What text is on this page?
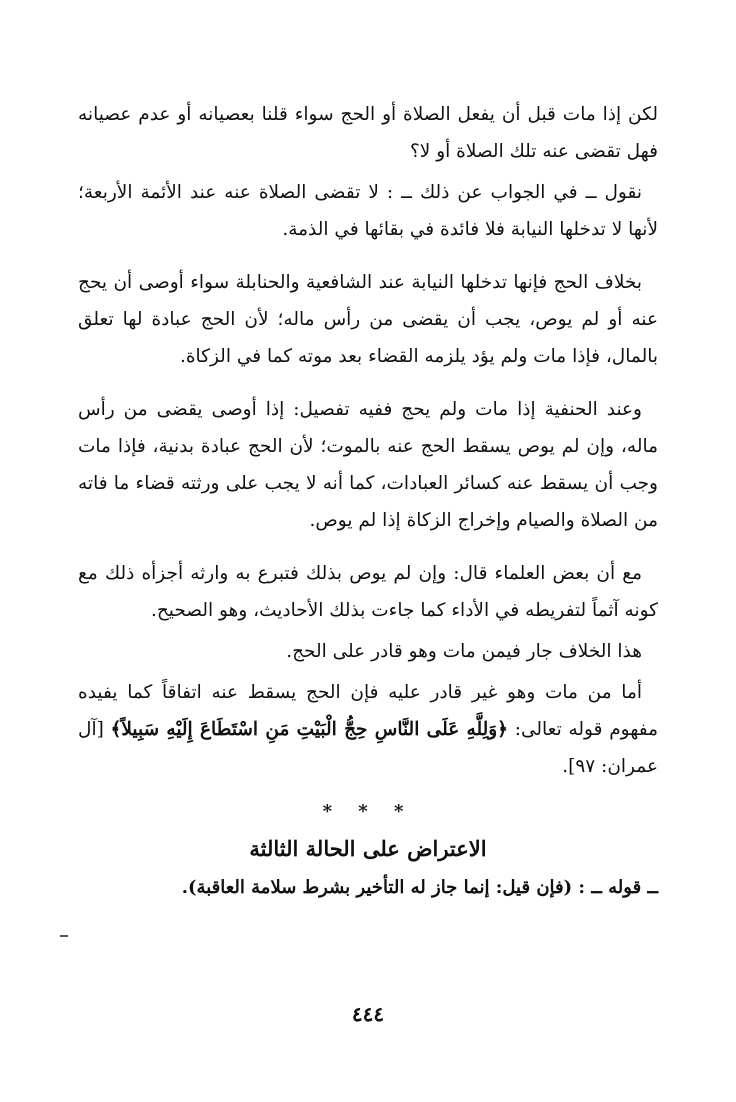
لكن إذا مات قبل أن يفعل الصلاة أو الحج سواء قلنا بعصيانه أو عدم عصيانه فهل تقضى عنه تلك الصلاة أو لا؟

نقول ــ في الجواب عن ذلك ــ : لا تقضى الصلاة عنه عند الأئمة الأربعة؛ لأنها لا تدخلها النيابة فلا فائدة في بقائها في الذمة.

بخلاف الحج فإنها تدخلها النيابة عند الشافعية والحنابلة سواء أوصى أن يحج عنه أو لم يوص، يجب أن يقضى من رأس ماله؛ لأن الحج عبادة لها تعلق بالمال، فإذا مات ولم يؤد يلزمه القضاء بعد موته كما في الزكاة.

وعند الحنفية إذا مات ولم يحج ففيه تفصيل: إذا أوصى يقضى من رأس ماله، وإن لم يوص يسقط الحج عنه بالموت؛ لأن الحج عبادة بدنية، فإذا مات وجب أن يسقط عنه كسائر العبادات، كما أنه لا يجب على ورثته قضاء ما فاته من الصلاة والصيام وإخراج الزكاة إذا لم يوص.

مع أن بعض العلماء قال: وإن لم يوص بذلك فتبرع به وارثه أجزأه ذلك مع كونه آثماً لتفريطه في الأداء كما جاءت بذلك الأحاديث، وهو الصحيح.

هذا الخلاف جار فيمن مات وهو قادر على الحج.

أما من مات وهو غير قادر عليه فإن الحج يسقط عنه اتفاقاً كما يفيده مفهوم قوله تعالى: ﴿وَلِلَّهِ عَلَى النَّاسِ حِجُّ الْبَيْتِ مَنِ اسْتَطَاعَ إِلَيْهِ سَبِيلاً﴾ [آل عمران: ٩٧].

* * *
الاعتراض على الحالة الثالثة

ــ قوله ــ : (فإن قيل: إنما جاز له التأخير بشرط سلامة العاقبة).

٤٤٤
